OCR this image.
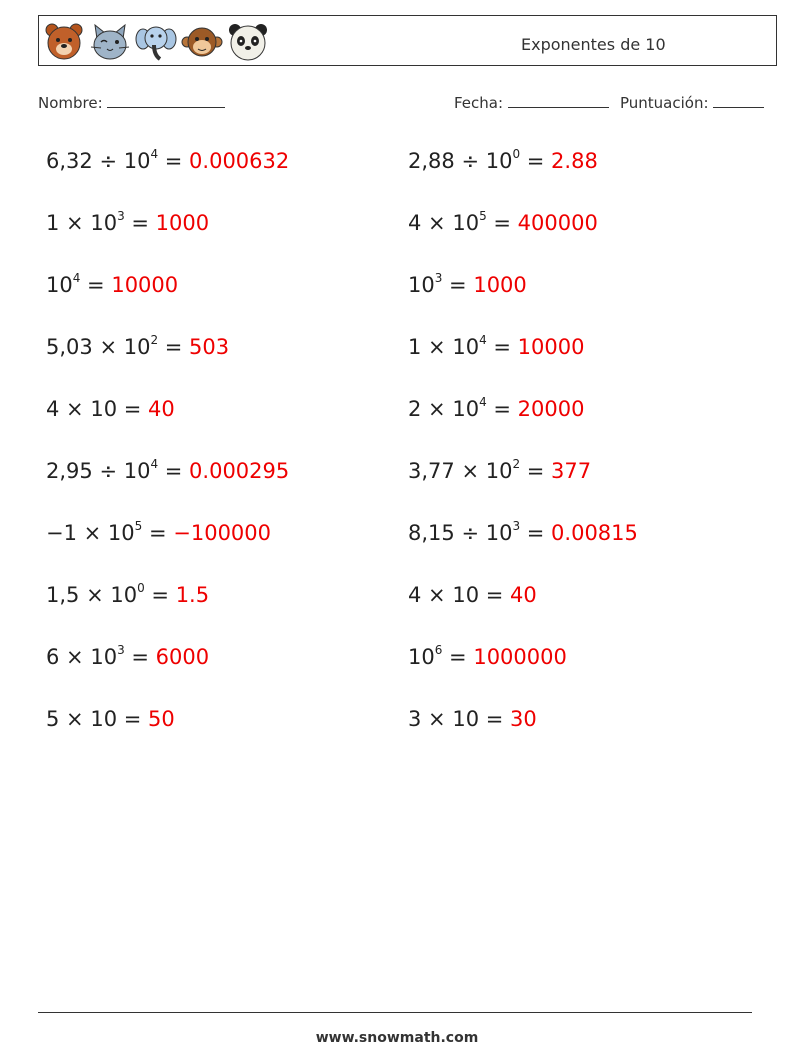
Exponentes de 10
Nombre:	Fecha:	Puntuación:
$6,32 \div 10^4 = 0.000632$	$2,88 \div 10^0 = 2.88$
$1 \times 10^3 = 1000$	$4 \times 10^5 = 400000$
$10^4 = 10000$	$10^3 = 1000$
$5,03 \times 10^2 = 503$	$1 \times 10^4 = 10000$
4 × 10 = 40	$2 \times 10^4 = 20000$
$2,95 \div 10^4 = 0.000295$	$3,77 \times 10^2 = 377$
$-1 \times 10^5 = -100000$	$8,15 \div 10^3 = 0.00815$
$1,5 \times 10^0 = 1.5$	4 × 10 = 40
$6 \times 10^3 = 6000$	$10^6 = 1000000$
5 × 10 = 50	3 × 10 = 30
www.snowmath.com
